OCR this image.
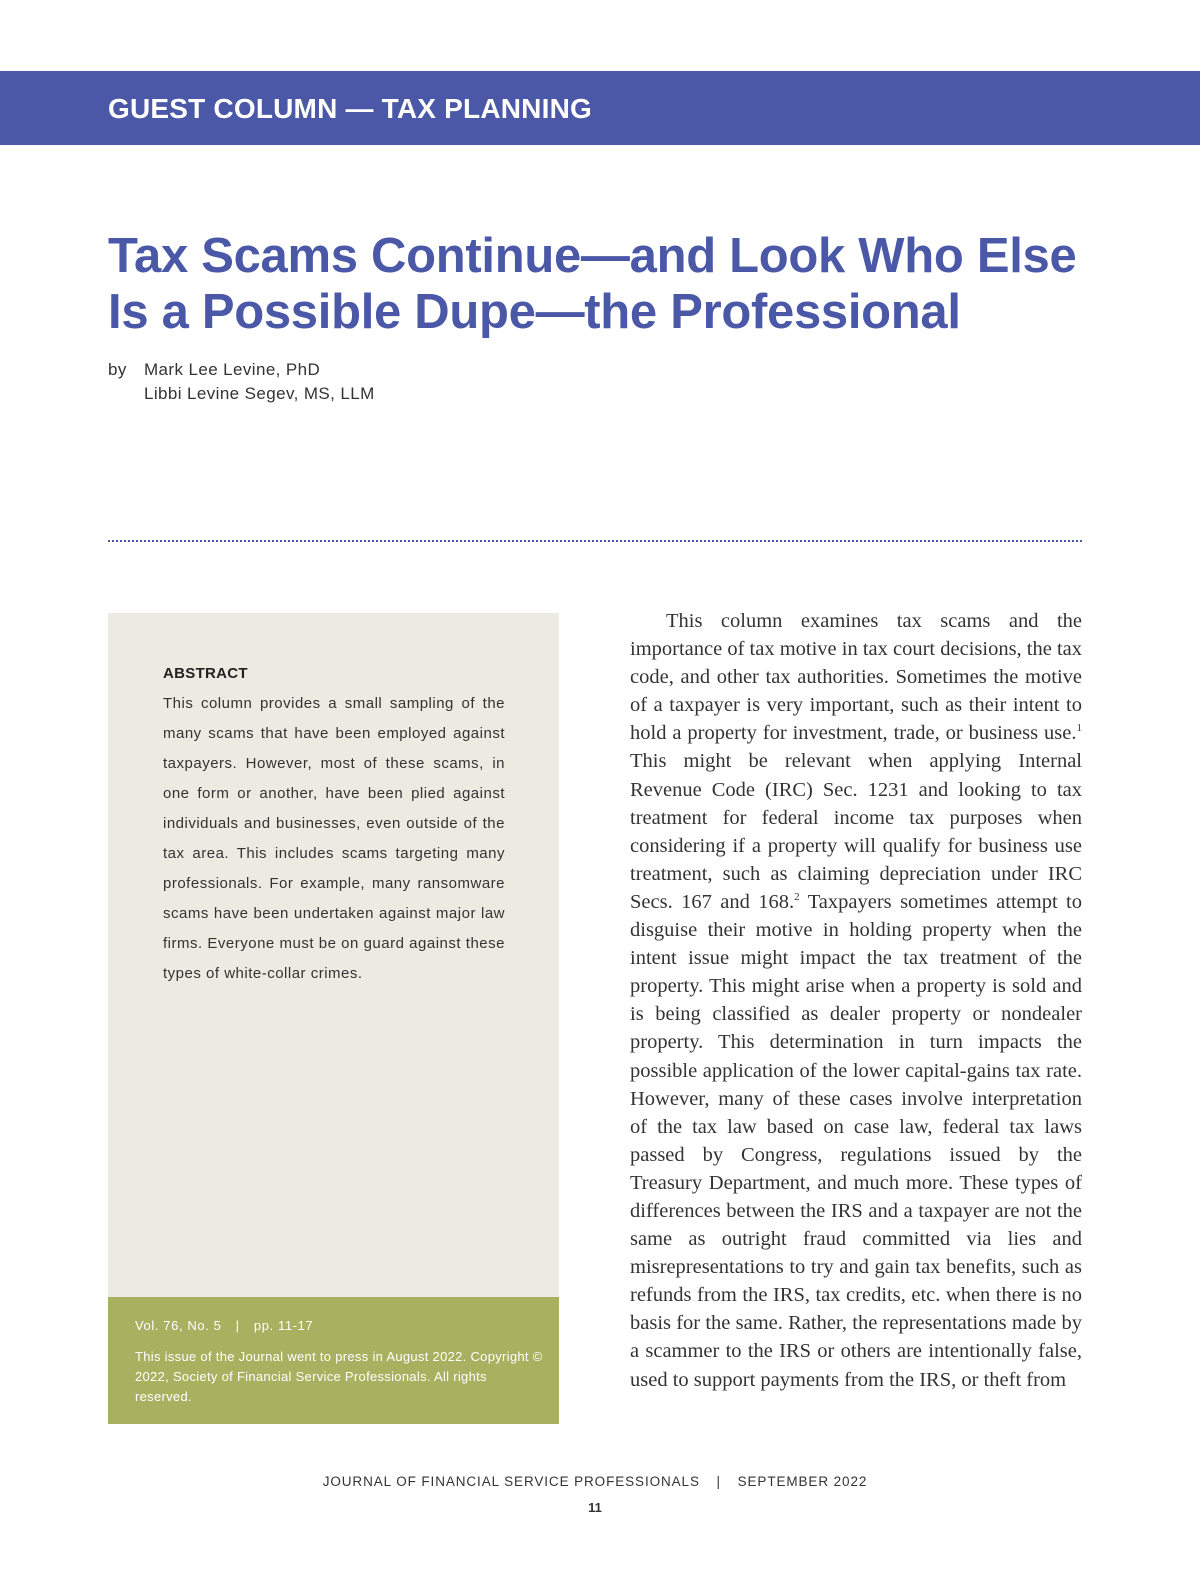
GUEST COLUMN — TAX PLANNING
Tax Scams Continue—and Look Who Else Is a Possible Dupe—the Professional
by Mark Lee Levine, PhD
Libbi Levine Segev, MS, LLM
ABSTRACT

This column provides a small sampling of the many scams that have been employed against taxpayers. However, most of these scams, in one form or another, have been plied against individuals and businesses, even outside of the tax area. This includes scams targeting many professionals. For example, many ransomware scams have been undertaken against major law firms. Everyone must be on guard against these types of white-collar crimes.

Vol. 76, No. 5 | pp. 11-17

This issue of the Journal went to press in August 2022. Copyright © 2022, Society of Financial Service Professionals. All rights reserved.

This column examines tax scams and the importance of tax motive in tax court decisions, the tax code, and other tax authorities. Sometimes the motive of a taxpayer is very important, such as their intent to hold a property for investment, trade, or business use.$^1$ This might be relevant when applying Internal Revenue Code (IRC) Sec. 1231 and looking to tax treatment for federal income tax purposes when considering if a property will qualify for business use treatment, such as claiming depreciation under IRC Secs. 167 and 168.$^2$ Taxpayers sometimes attempt to disguise their motive in holding property when the intent issue might impact the tax treatment of the property. This might arise when a property is sold and is being classified as dealer property or nondealer property. This determination in turn impacts the possible application of the lower capital-gains tax rate. However, many of these cases involve interpretation of the tax law based on case law, federal tax laws passed by Congress, regulations issued by the Treasury Department, and much more. These types of differences between the IRS and a taxpayer are not the same as outright fraud committed via lies and misrepresentations to try and gain tax benefits, such as refunds from the IRS, tax credits, etc. when there is no basis for the same. Rather, the representations made by a scammer to the IRS or others are intentionally false, used to support payments from the IRS, or theft from

JOURNAL OF FINANCIAL SERVICE PROFESSIONALS | SEPTEMBER 2022
11
